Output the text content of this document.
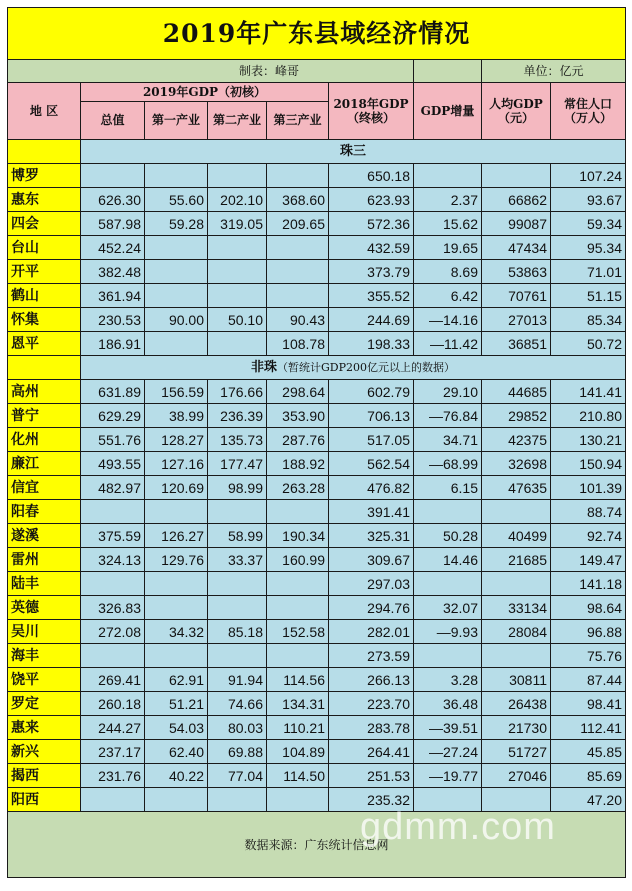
2019年广东县域经济情况								
制表：峰哥							单位：亿元	
地 区	2019年GDP（初核）				2018年GDP（终核）	GDP增量	人均GDP（元）	常住人口（万人）
	总值	第一产业	第二产业	第三产业				
	珠三							
博罗					650.18			107.24
惠东	626.30	55.60	202.10	368.60	623.93	2.37	66862	93.67
四会	587.98	59.28	319.05	209.65	572.36	15.62	99087	59.34
台山	452.24				432.59	19.65	47434	95.34
开平	382.48				373.79	8.69	53863	71.01
鹤山	361.94				355.52	6.42	70761	51.15
怀集	230.53	90.00	50.10	90.43	244.69	—14.16	27013	85.34
恩平	186.91			108.78	198.33	—11.42	36851	50.72
	非珠（暂统计GDP200亿元以上的数据）							
高州	631.89	156.59	176.66	298.64	602.79	29.10	44685	141.41
普宁	629.29	38.99	236.39	353.90	706.13	—76.84	29852	210.80
化州	551.76	128.27	135.73	287.76	517.05	34.71	42375	130.21
廉江	493.55	127.16	177.47	188.92	562.54	—68.99	32698	150.94
信宜	482.97	120.69	98.99	263.28	476.82	6.15	47635	101.39
阳春					391.41			88.74
遂溪	375.59	126.27	58.99	190.34	325.31	50.28	40499	92.74
雷州	324.13	129.76	33.37	160.99	309.67	14.46	21685	149.47
陆丰					297.03			141.18
英德	326.83				294.76	32.07	33134	98.64
吴川	272.08	34.32	85.18	152.58	282.01	—9.93	28084	96.88
海丰					273.59			75.76
饶平	269.41	62.91	91.94	114.56	266.13	3.28	30811	87.44
罗定	260.18	51.21	74.66	134.31	223.70	36.48	26438	98.41
惠来	244.27	54.03	80.03	110.21	283.78	—39.51	21730	112.41
新兴	237.17	62.40	69.88	104.89	264.41	—27.24	51727	45.85
揭西	231.76	40.22	77.04	114.50	251.53	—19.77	27046	85.69
阳西					235.32			47.20
数据来源：广东统计信息网								
gdmm.com
